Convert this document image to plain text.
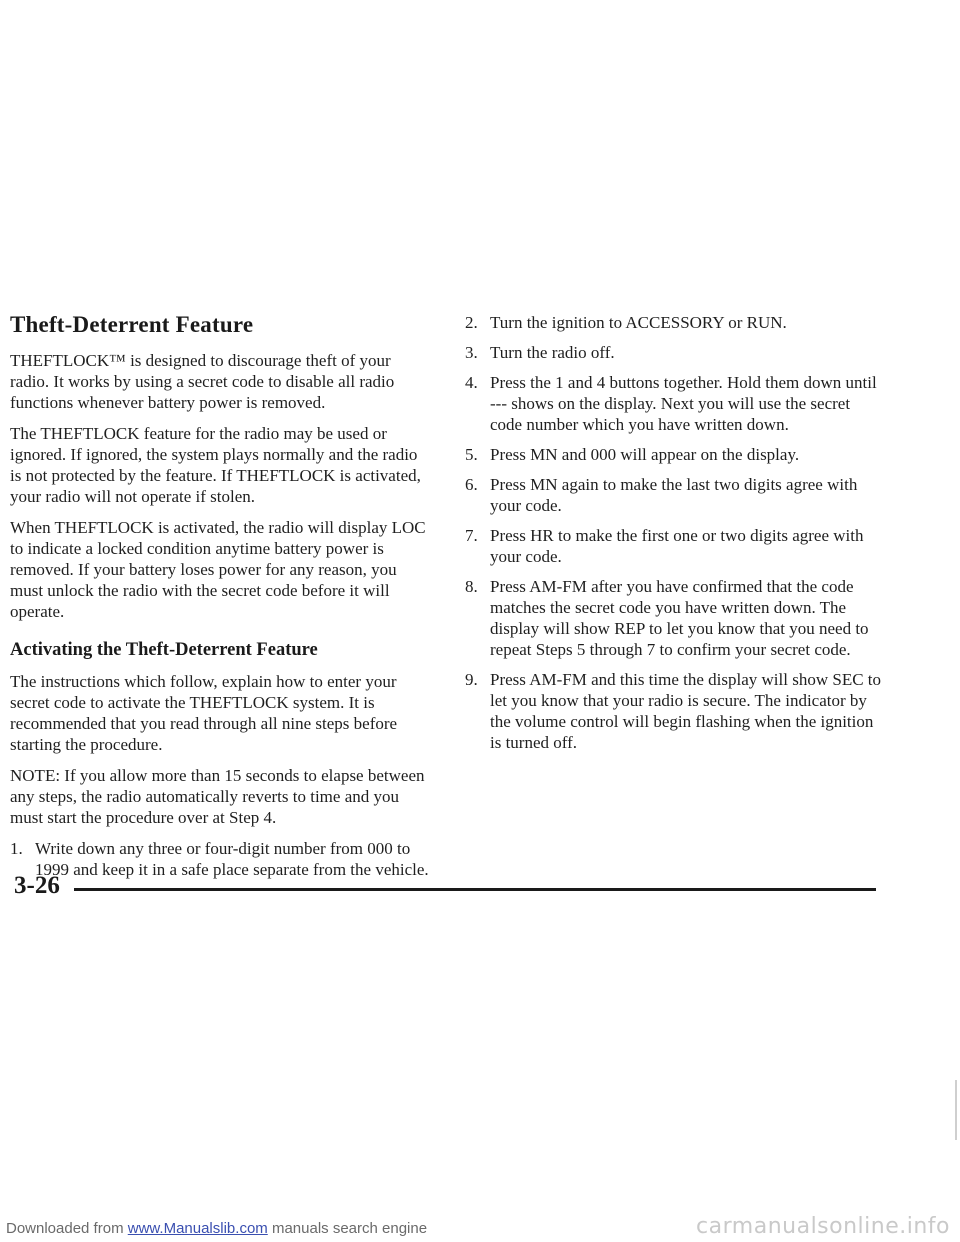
Theft-Deterrent Feature

THEFTLOCK™ is designed to discourage theft of your radio. It works by using a secret code to disable all radio functions whenever battery power is removed.

The THEFTLOCK feature for the radio may be used or ignored. If ignored, the system plays normally and the radio is not protected by the feature. If THEFTLOCK is activated, your radio will not operate if stolen.

When THEFTLOCK is activated, the radio will display LOC to indicate a locked condition anytime battery power is removed. If your battery loses power for any reason, you must unlock the radio with the secret code before it will operate.

Activating the Theft-Deterrent Feature

The instructions which follow, explain how to enter your secret code to activate the THEFTLOCK system. It is recommended that you read through all nine steps before starting the procedure.

NOTE: If you allow more than 15 seconds to elapse between any steps, the radio automatically reverts to time and you must start the procedure over at Step 4.

1. Write down any three or four-digit number from 000 to 1999 and keep it in a safe place separate from the vehicle.
2. Turn the ignition to ACCESSORY or RUN.
3. Turn the radio off.
4. Press the 1 and 4 buttons together. Hold them down until --- shows on the display. Next you will use the secret code number which you have written down.
5. Press MN and 000 will appear on the display.
6. Press MN again to make the last two digits agree with your code.
7. Press HR to make the first one or two digits agree with your code.
8. Press AM-FM after you have confirmed that the code matches the secret code you have written down. The display will show REP to let you know that you need to repeat Steps 5 through 7 to confirm your secret code.
9. Press AM-FM and this time the display will show SEC to let you know that your radio is secure. The indicator by the volume control will begin flashing when the ignition is turned off.
3-26
Downloaded from www.Manualslib.com manuals search engine	carmanualsonline.info
